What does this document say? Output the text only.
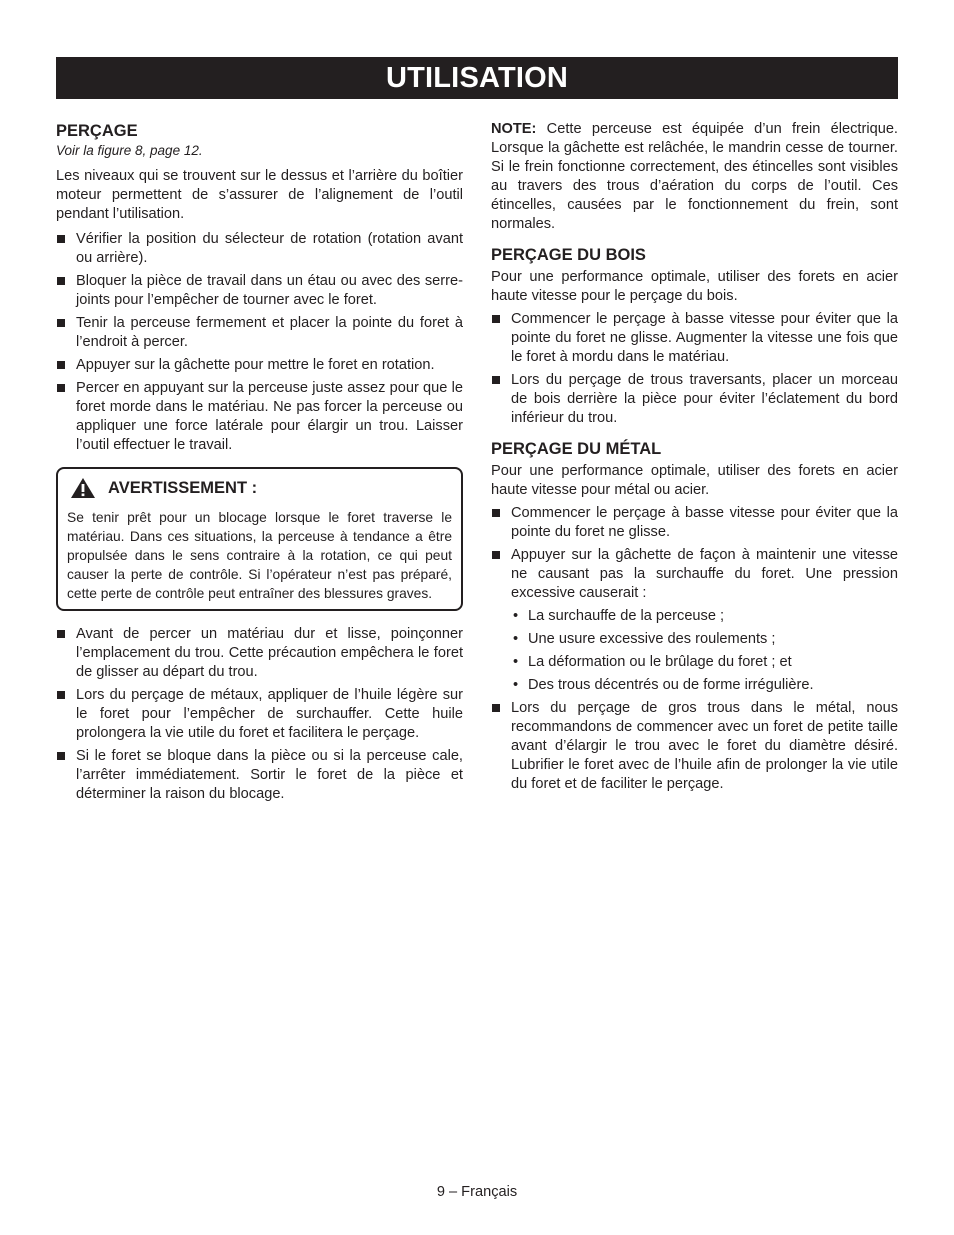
UTILISATION
PERÇAGE
Voir la figure 8, page 12.

Les niveaux qui se trouvent sur le dessus et l’arrière du boîtier moteur permettent de s’assurer de l’alignement de l’outil pendant l’utilisation.

Vérifier la position du sélecteur de rotation (rotation avant ou arrière).
Bloquer la pièce de travail dans un étau ou avec des serre-joints pour l’empêcher de tourner avec le foret.
Tenir la perceuse fermement et placer la pointe du foret à l’endroit à percer.
Appuyer sur la gâchette pour mettre le foret en rotation.
Percer en appuyant sur la perceuse juste assez pour que le foret morde dans le matériau. Ne pas forcer la perceuse ou appliquer une force latérale pour élargir un trou. Laisser l’outil effectuer le travail.
AVERTISSEMENT :
Se tenir prêt pour un blocage lorsque le foret traverse le matériau. Dans ces situations, la perceuse à tendance a être propulsée dans le sens contraire à la rotation, ce qui peut causer la perte de contrôle. Si l’opérateur n’est pas préparé, cette perte de contrôle peut entraîner des blessures graves.
Avant de percer un matériau dur et lisse, poinçonner l’emplacement du trou. Cette précaution empêchera le foret de glisser au départ du trou.
Lors du perçage de métaux, appliquer de l’huile légère sur le foret pour l’empêcher de surchauffer. Cette huile prolongera la vie utile du foret et facilitera le perçage.
Si le foret se bloque dans la pièce ou si la perceuse cale, l’arrêter immédiatement. Sortir le foret de la pièce et déterminer la raison du blocage.

NOTE: Cette perceuse est équipée d’un frein électrique. Lorsque la gâchette est relâchée, le mandrin cesse de tourner. Si le frein fonctionne correctement, des étincelles sont visibles au travers des trous d’aération du corps de l’outil. Ces étincelles, causées par le fonctionnement du frein, sont normales.

PERÇAGE DU BOIS

Pour une performance optimale, utiliser des forets en acier haute vitesse pour le perçage du bois.

Commencer le perçage à basse vitesse pour éviter que la pointe du foret ne glisse. Augmenter la vitesse une fois que le foret à mordu dans le matériau.
Lors du perçage de trous traversants, placer un morceau de bois derrière la pièce pour éviter l’éclatement du bord inférieur du trou.
PERÇAGE DU MÉTAL

Pour une performance optimale, utiliser des forets en acier haute vitesse pour métal ou acier.

Commencer le perçage à basse vitesse pour éviter que la pointe du foret ne glisse.
Appuyer sur la gâchette de façon à maintenir une vitesse ne causant pas la surchauffe du foret. Une pression excessive causerait :
• La surchauffe de la perceuse ;
• Une usure excessive des roulements ;
• La déformation ou le brûlage du foret ; et
• Des trous décentrés ou de forme irrégulière.
Lors du perçage de gros trous dans le métal, nous recommandons de commencer avec un foret de petite taille avant d’élargir le trou avec le foret du diamètre désiré. Lubrifier le foret avec de l’huile afin de prolonger la vie utile du foret et de faciliter le perçage.
9 – Français
